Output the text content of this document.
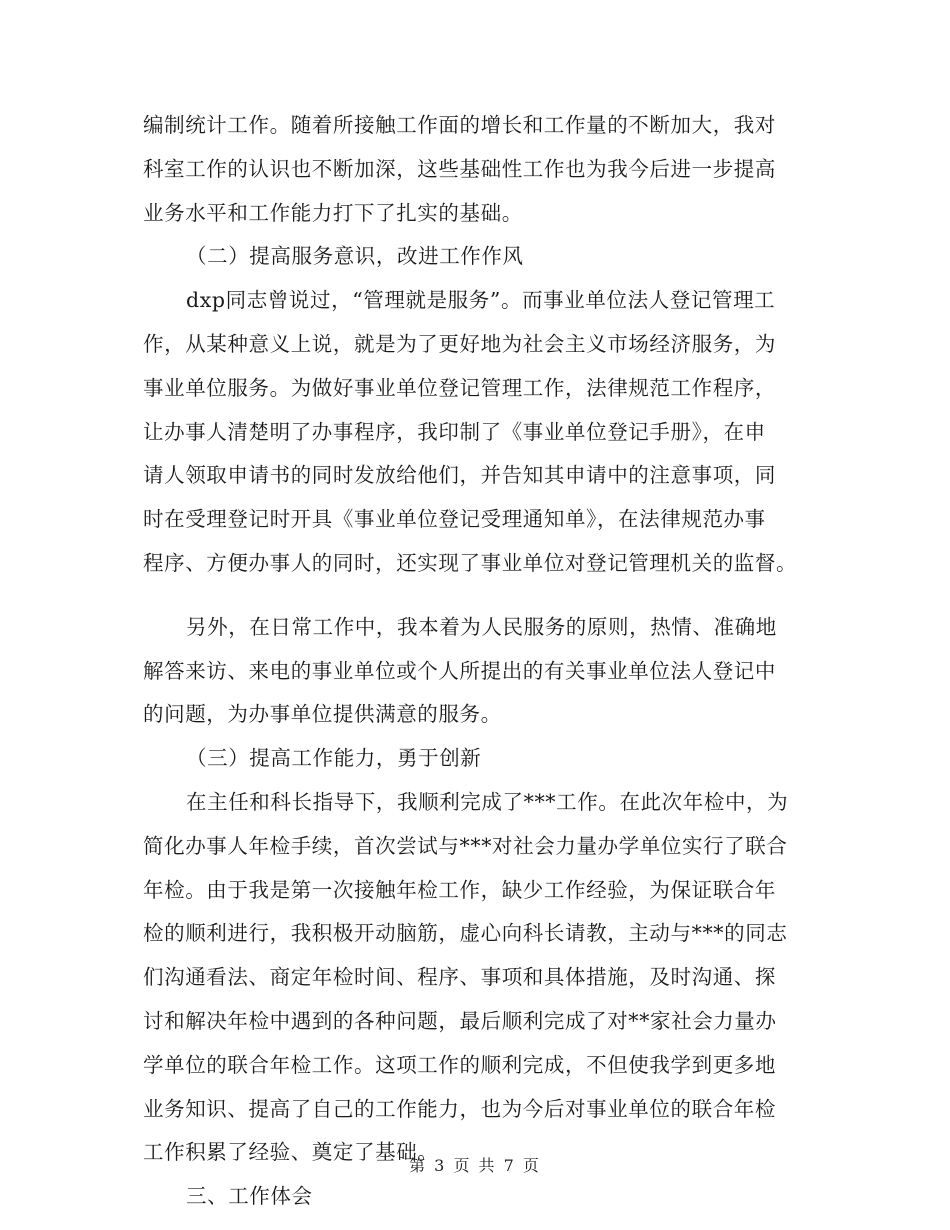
编制统计工作。随着所接触工作面的增长和工作量的不断加大，我对
科室工作的认识也不断加深，这些基础性工作也为我今后进一步提高
业务水平和工作能力打下了扎实的基础。
（二）提高服务意识，改进工作作风
dxp同志曾说过，“管理就是服务”。而事业单位法人登记管理工
作，从某种意义上说，就是为了更好地为社会主义市场经济服务，为
事业单位服务。为做好事业单位登记管理工作，法律规范工作程序，
让办事人清楚明了办事程序，我印制了《事业单位登记手册》，在申
请人领取申请书的同时发放给他们，并告知其申请中的注意事项，同
时在受理登记时开具《事业单位登记受理通知单》，在法律规范办事
程序、方便办事人的同时，还实现了事业单位对登记管理机关的监督。
另外，在日常工作中，我本着为人民服务的原则，热情、准确地
解答来访、来电的事业单位或个人所提出的有关事业单位法人登记中
的问题，为办事单位提供满意的服务。
（三）提高工作能力，勇于创新
在主任和科长指导下，我顺利完成了***工作。在此次年检中，为
简化办事人年检手续，首次尝试与***对社会力量办学单位实行了联合
年检。由于我是第一次接触年检工作，缺少工作经验，为保证联合年
检的顺利进行，我积极开动脑筋，虚心向科长请教，主动与***的同志
们沟通看法、商定年检时间、程序、事项和具体措施，及时沟通、探
讨和解决年检中遇到的各种问题，最后顺利完成了对**家社会力量办
学单位的联合年检工作。这项工作的顺利完成，不但使我学到更多地
业务知识、提高了自己的工作能力，也为今后对事业单位的联合年检
工作积累了经验、奠定了基础。
三、工作体会
第 3 页 共 7 页
